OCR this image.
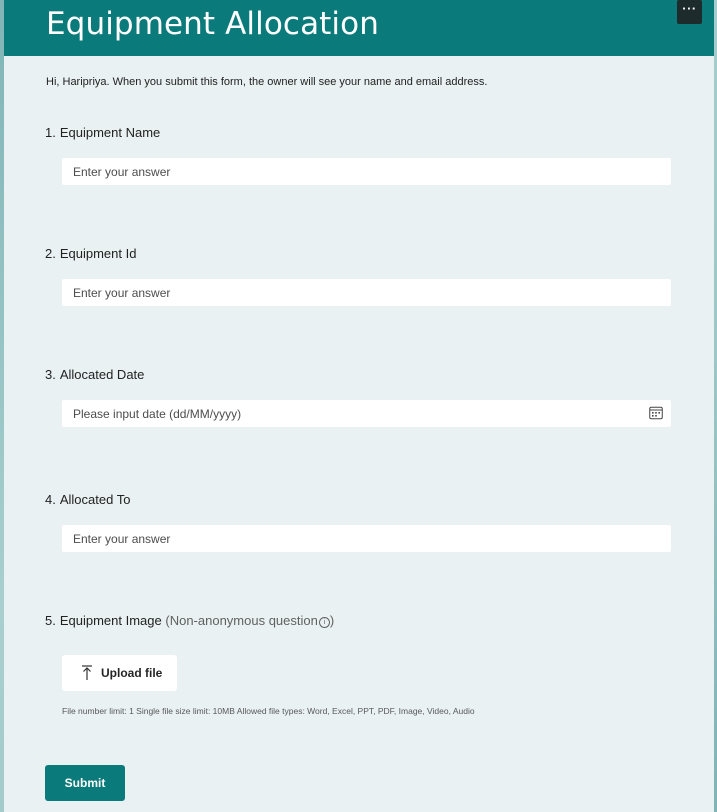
Equipment Allocation	···
Hi, Haripriya. When you submit this form, the owner will see your name and email address.
1. Equipment Name
Enter your answer
2. Equipment Id
Enter your answer
3. Allocated Date
Please input date (dd/MM/yyyy)
4. Allocated To
Enter your answer
5. Equipment Image (Non-anonymous question i )
Upload file
File number limit: 1 Single file size limit: 10MB Allowed file types: Word, Excel, PPT, PDF, Image, Video, Audio
Submit
